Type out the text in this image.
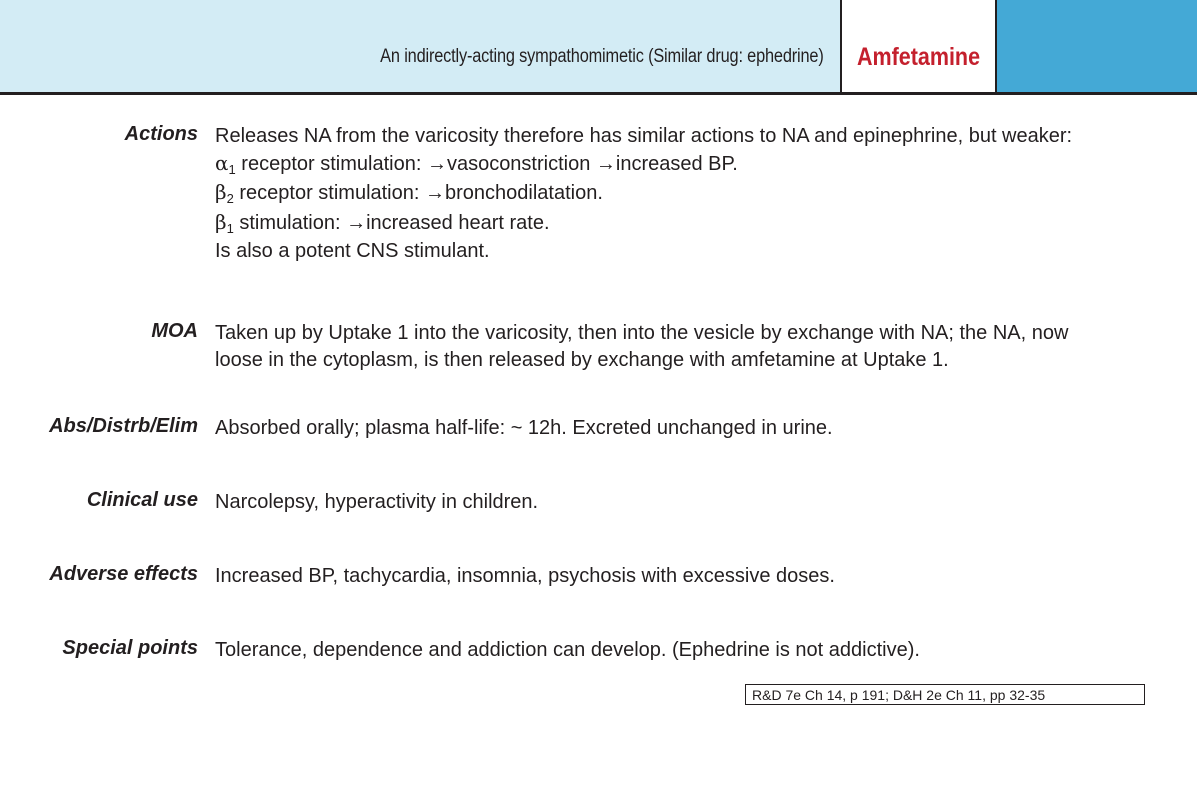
An indirectly-acting sympathomimetic (Similar drug: ephedrine) Amfetamine
Actions Releases NA from the varicosity therefore has similar actions to NA and epinephrine, but weaker:
$\alpha_1$ receptor stimulation: →vasoconstriction →increased BP.
$\beta_2$ receptor stimulation: →bronchodilatation.
$\beta_1$ stimulation: →increased heart rate.
Is also a potent CNS stimulant.
MOA Taken up by Uptake 1 into the varicosity, then into the vesicle by exchange with NA; the NA, now
loose in the cytoplasm, is then released by exchange with amfetamine at Uptake 1.
Abs/Distrb/Elim Absorbed orally; plasma half-life: ~ 12h. Excreted unchanged in urine.
Clinical use Narcolepsy, hyperactivity in children.
Adverse effects Increased BP, tachycardia, insomnia, psychosis with excessive doses.
Special points Tolerance, dependence and addiction can develop. (Ephedrine is not addictive).
R&D 7e Ch 14, p 191; D&H 2e Ch 11, pp 32-35
